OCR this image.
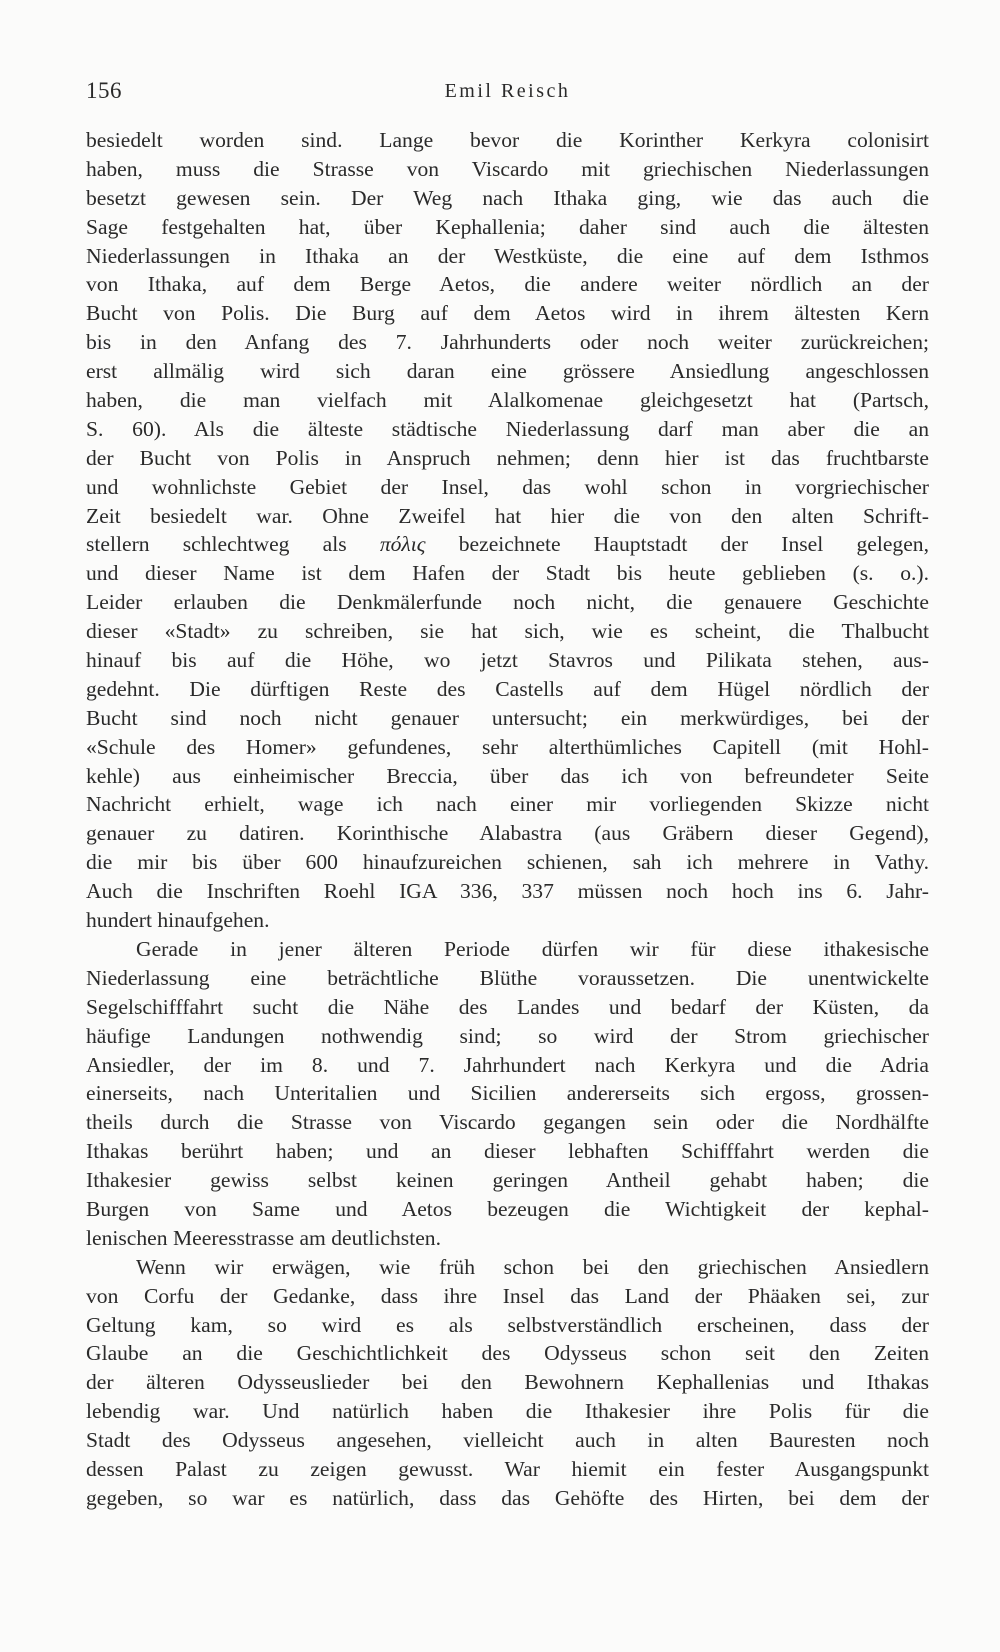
156	Emil Reisch
besiedelt worden sind. Lange bevor die Korinther Kerkyra colonisirt
haben, muss die Strasse von Viscardo mit griechischen Niederlassungen
besetzt gewesen sein. Der Weg nach Ithaka ging, wie das auch die
Sage festgehalten hat, über Kephallenia; daher sind auch die ältesten
Niederlassungen in Ithaka an der Westküste, die eine auf dem Isthmos
von Ithaka, auf dem Berge Aetos, die andere weiter nördlich an der
Bucht von Polis. Die Burg auf dem Aetos wird in ihrem ältesten Kern
bis in den Anfang des 7. Jahrhunderts oder noch weiter zurückreichen;
erst allmälig wird sich daran eine grössere Ansiedlung angeschlossen
haben, die man vielfach mit Alalkomenae gleichgesetzt hat (Partsch,
S. 60). Als die älteste städtische Niederlassung darf man aber die an
der Bucht von Polis in Anspruch nehmen; denn hier ist das fruchtbarste
und wohnlichste Gebiet der Insel, das wohl schon in vorgriechischer
Zeit besiedelt war. Ohne Zweifel hat hier die von den alten Schrift-
stellern schlechtweg als πόλις bezeichnete Hauptstadt der Insel gelegen,
und dieser Name ist dem Hafen der Stadt bis heute geblieben (s. o.).
Leider erlauben die Denkmälerfunde noch nicht, die genauere Geschichte
dieser «Stadt» zu schreiben, sie hat sich, wie es scheint, die Thalbucht
hinauf bis auf die Höhe, wo jetzt Stavros und Pilikata stehen, aus-
gedehnt. Die dürftigen Reste des Castells auf dem Hügel nördlich der
Bucht sind noch nicht genauer untersucht; ein merkwürdiges, bei der
«Schule des Homer» gefundenes, sehr alterthümliches Capitell (mit Hohl-
kehle) aus einheimischer Breccia, über das ich von befreundeter Seite
Nachricht erhielt, wage ich nach einer mir vorliegenden Skizze nicht
genauer zu datiren. Korinthische Alabastra (aus Gräbern dieser Gegend),
die mir bis über 600 hinaufzureichen schienen, sah ich mehrere in Vathy.
Auch die Inschriften Roehl IGA 336, 337 müssen noch hoch ins 6. Jahr-
hundert hinaufgehen.
Gerade in jener älteren Periode dürfen wir für diese ithakesische
Niederlassung eine beträchtliche Blüthe voraussetzen. Die unentwickelte
Segelschifffahrt sucht die Nähe des Landes und bedarf der Küsten, da
häufige Landungen nothwendig sind; so wird der Strom griechischer
Ansiedler, der im 8. und 7. Jahrhundert nach Kerkyra und die Adria
einerseits, nach Unteritalien und Sicilien andererseits sich ergoss, grossen-
theils durch die Strasse von Viscardo gegangen sein oder die Nordhälfte
Ithakas berührt haben; und an dieser lebhaften Schifffahrt werden die
Ithakesier gewiss selbst keinen geringen Antheil gehabt haben; die
Burgen von Same und Aetos bezeugen die Wichtigkeit der kephal-
lenischen Meeresstrasse am deutlichsten.
Wenn wir erwägen, wie früh schon bei den griechischen Ansiedlern
von Corfu der Gedanke, dass ihre Insel das Land der Phäaken sei, zur
Geltung kam, so wird es als selbstverständlich erscheinen, dass der
Glaube an die Geschichtlichkeit des Odysseus schon seit den Zeiten
der älteren Odysseuslieder bei den Bewohnern Kephallenias und Ithakas
lebendig war. Und natürlich haben die Ithakesier ihre Polis für die
Stadt des Odysseus angesehen, vielleicht auch in alten Bauresten noch
dessen Palast zu zeigen gewusst. War hiemit ein fester Ausgangspunkt
gegeben, so war es natürlich, dass das Gehöfte des Hirten, bei dem der
